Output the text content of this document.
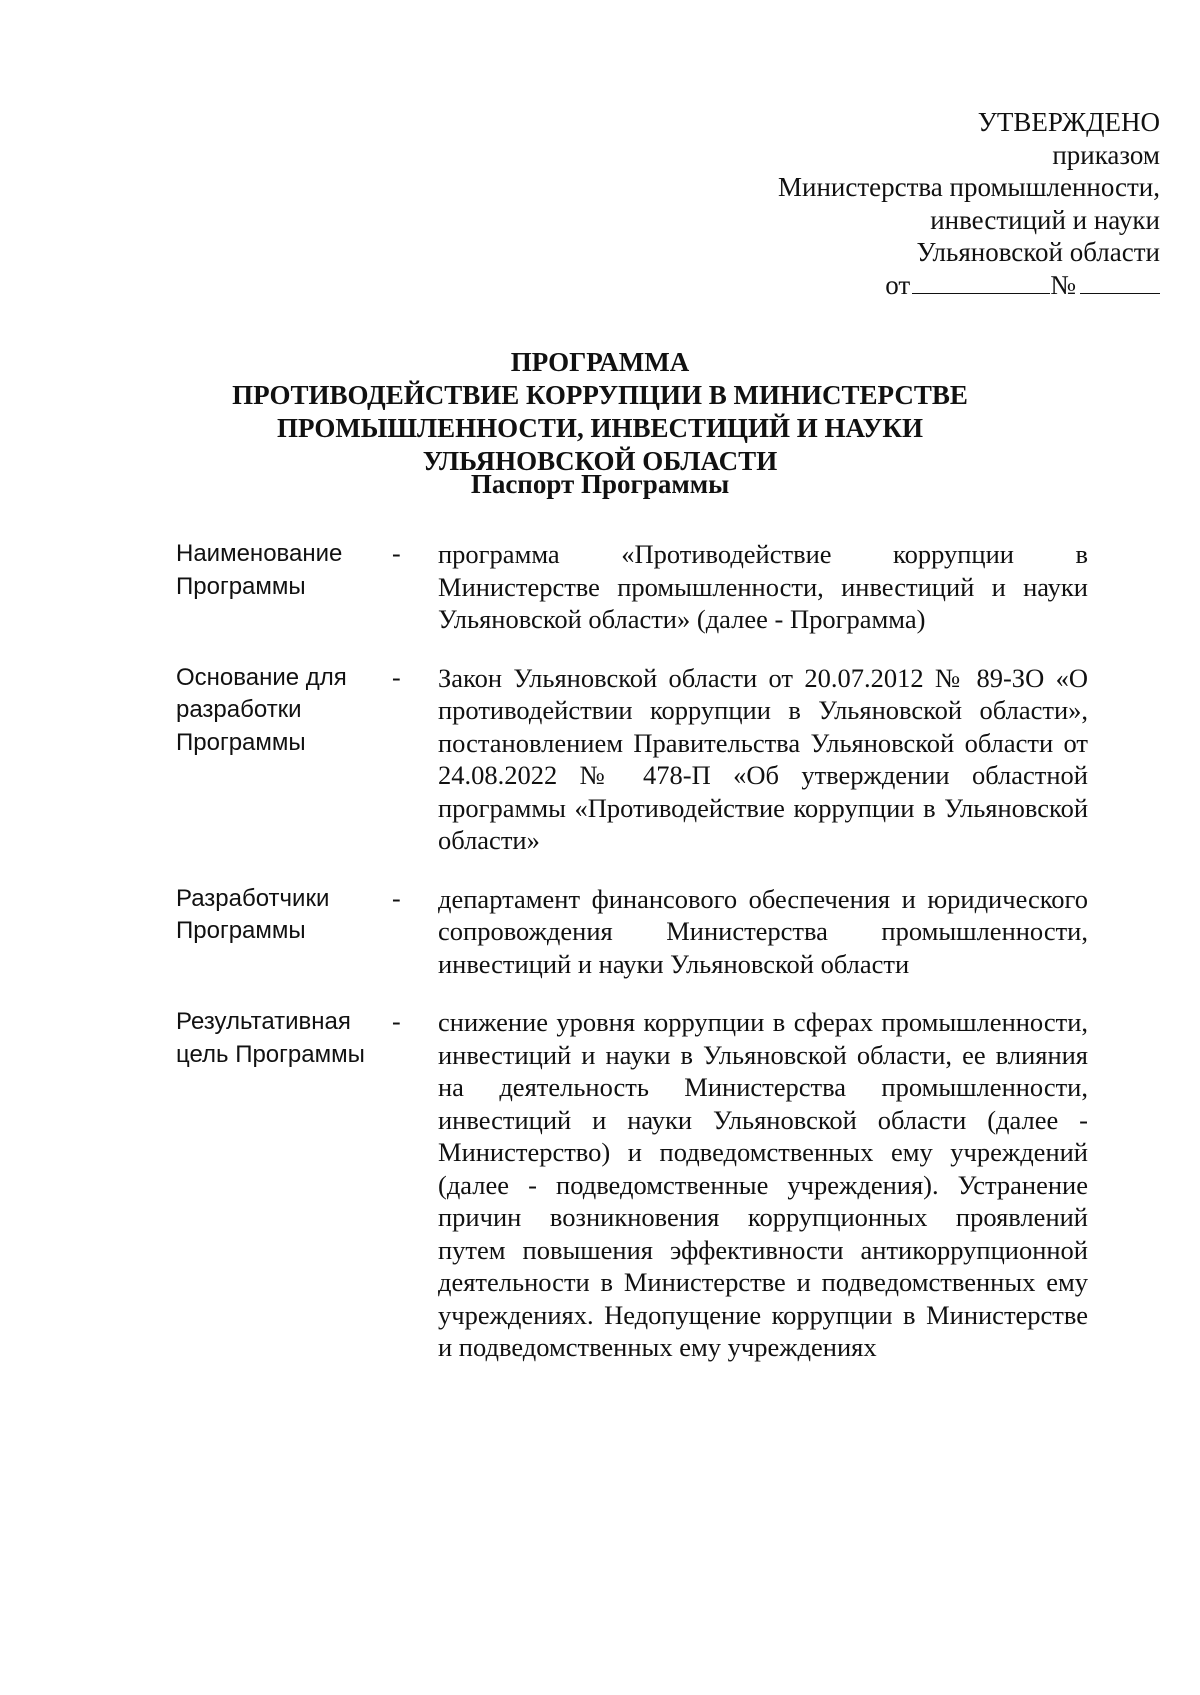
УТВЕРЖДЕНО
приказом
Министерства промышленности,
инвестиций и науки
Ульяновской области
от	№
ПРОГРАММА
ПРОТИВОДЕЙСТВИЕ КОРРУПЦИИ В МИНИСТЕРСТВЕ
ПРОМЫШЛЕННОСТИ, ИНВЕСТИЦИЙ И НАУКИ
УЛЬЯНОВСКОЙ ОБЛАСТИ
Паспорт Программы
Наименование
Программы
-	программа «Противодействие коррупции в Министерстве промышленности, инвестиций и науки Ульяновской области» (далее - Программа)
Основание для
разработки
Программы
-	Закон Ульяновской области от 20.07.2012 № 89-ЗО «О противодействии коррупции в Ульяновской области», постановлением Правительства Ульяновской области от 24.08.2022 № 478-П «Об утверждении областной программы «Противодействие коррупции в Ульяновской области»
Разработчики
Программы
-	департамент финансового обеспечения и юридического сопровождения Министерства промышленности, инвестиций и науки Ульяновской области
Результативная
цель Программы
-	снижение уровня коррупции в сферах промышленности, инвестиций и науки в Ульяновской области, ее влияния на деятельность Министерства промышленности, инвестиций и науки Ульяновской области (далее - Министерство) и подведомственных ему учреждений (далее - подведомственные учреждения). Устранение причин возникновения коррупционных проявлений путем повышения эффективности антикоррупционной деятельности в Министерстве и подведомственных ему учреждениях. Недопущение коррупции в Министерстве и подведомственных ему учреждениях
